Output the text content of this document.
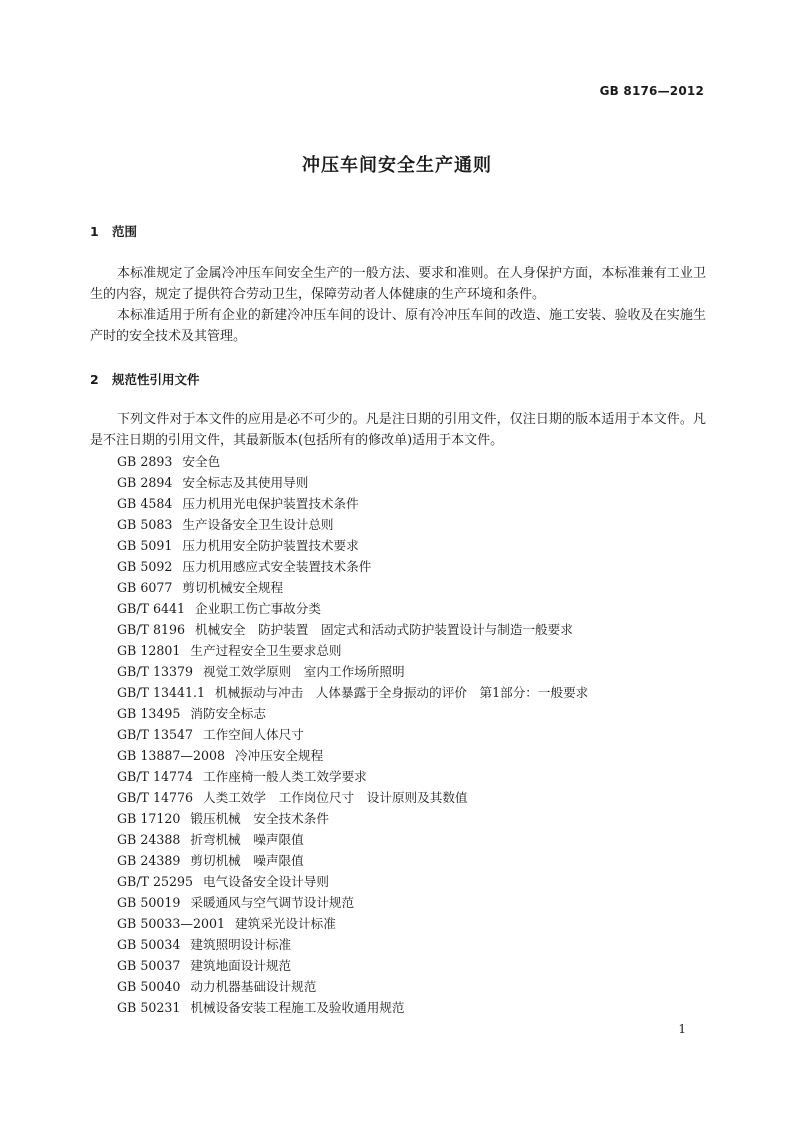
GB 8176—2012
冲压车间安全生产通则
1 范围
本标准规定了金属冷冲压车间安全生产的一般方法、要求和准则。在人身保护方面，本标准兼有工业卫生的内容，规定了提供符合劳动卫生，保障劳动者人体健康的生产环境和条件。
本标准适用于所有企业的新建冷冲压车间的设计、原有冷冲压车间的改造、施工安装、验收及在实施生产时的安全技术及其管理。
2 规范性引用文件
下列文件对于本文件的应用是必不可少的。凡是注日期的引用文件，仅注日期的版本适用于本文件。凡是不注日期的引用文件，其最新版本(包括所有的修改单)适用于本文件。
GB 2893 安全色
GB 2894 安全标志及其使用导则
GB 4584 压力机用光电保护装置技术条件
GB 5083 生产设备安全卫生设计总则
GB 5091 压力机用安全防护装置技术要求
GB 5092 压力机用感应式安全装置技术条件
GB 6077 剪切机械安全规程
GB/T 6441 企业职工伤亡事故分类
GB/T 8196 机械安全　防护装置　固定式和活动式防护装置设计与制造一般要求
GB 12801 生产过程安全卫生要求总则
GB/T 13379 视觉工效学原则　室内工作场所照明
GB/T 13441.1 机械振动与冲击　人体暴露于全身振动的评价　第1部分：一般要求
GB 13495 消防安全标志
GB/T 13547 工作空间人体尺寸
GB 13887—2008 冷冲压安全规程
GB/T 14774 工作座椅一般人类工效学要求
GB/T 14776 人类工效学　工作岗位尺寸　设计原则及其数值
GB 17120 锻压机械　安全技术条件
GB 24388 折弯机械　噪声限值
GB 24389 剪切机械　噪声限值
GB/T 25295 电气设备安全设计导则
GB 50019 采暖通风与空气调节设计规范
GB 50033—2001 建筑采光设计标准
GB 50034 建筑照明设计标准
GB 50037 建筑地面设计规范
GB 50040 动力机器基础设计规范
GB 50231 机械设备安装工程施工及验收通用规范
1
